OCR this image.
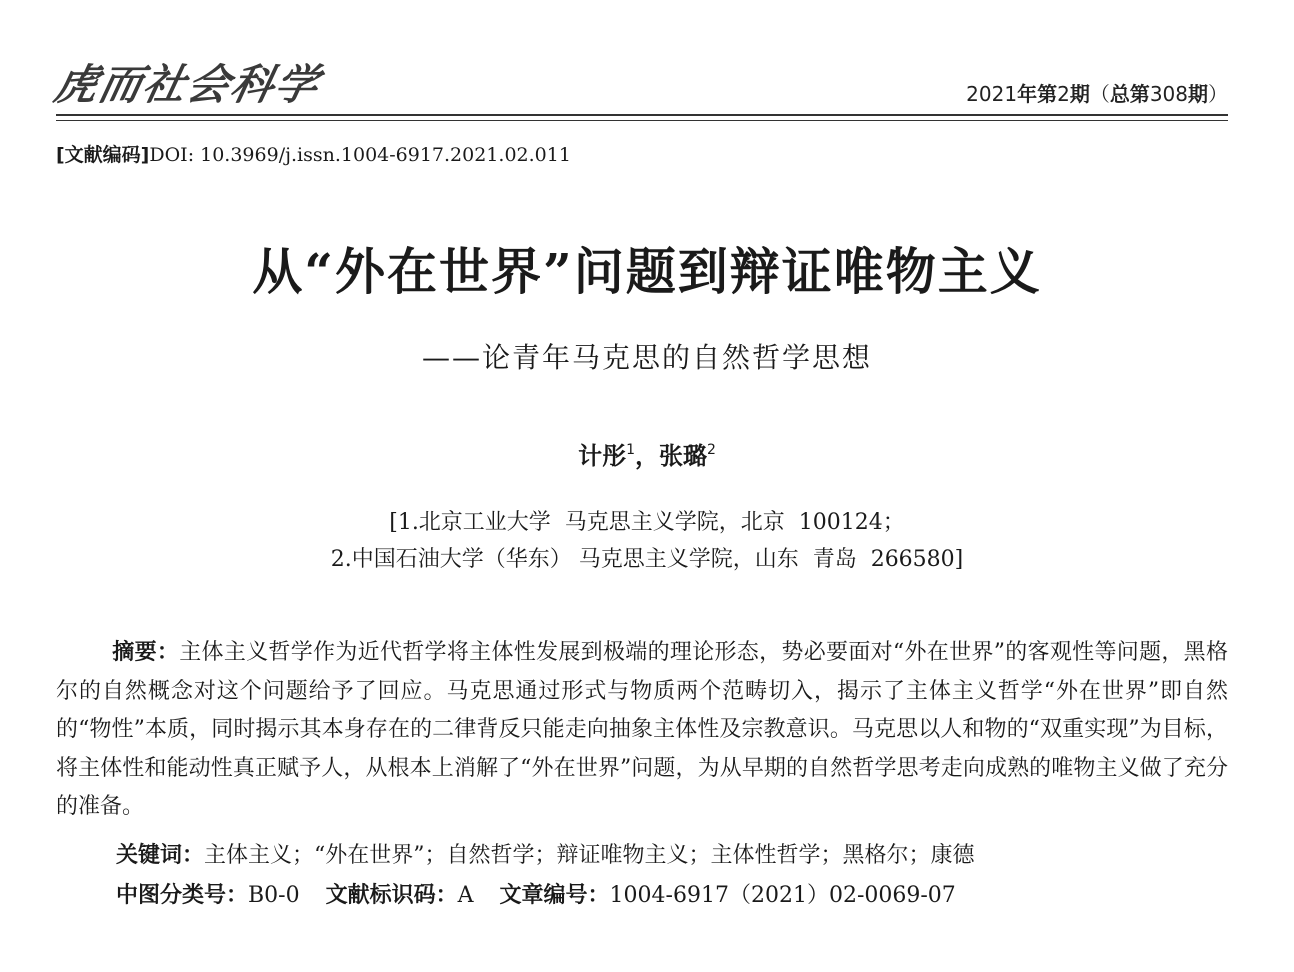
虎而社会科学	2021年第2期（总第308期）
[文献编码]DOI: 10.3969/j.issn.1004-6917.2021.02.011
从“外在世界”问题到辩证唯物主义
——论青年马克思的自然哲学思想
计彤$^1$，张璐$^2$
[1.北京工业大学  马克思主义学院，北京  100124；
2.中国石油大学（华东） 马克思主义学院，山东  青岛  266580]
摘要：主体主义哲学作为近代哲学将主体性发展到极端的理论形态，势必要面对“外在世界”的客观性等问题，黑格尔的自然概念对这个问题给予了回应。马克思通过形式与物质两个范畴切入，揭示了主体主义哲学“外在世界”即自然的“物性”本质，同时揭示其本身存在的二律背反只能走向抽象主体性及宗教意识。马克思以人和物的“双重实现”为目标，将主体性和能动性真正赋予人，从根本上消解了“外在世界”问题，为从早期的自然哲学思考走向成熟的唯物主义做了充分的准备。
关键词：主体主义；“外在世界”；自然哲学；辩证唯物主义；主体性哲学；黑格尔；康德
中图分类号：B0-0 文献标识码：A 文章编号：1004-6917（2021）02-0069-07
